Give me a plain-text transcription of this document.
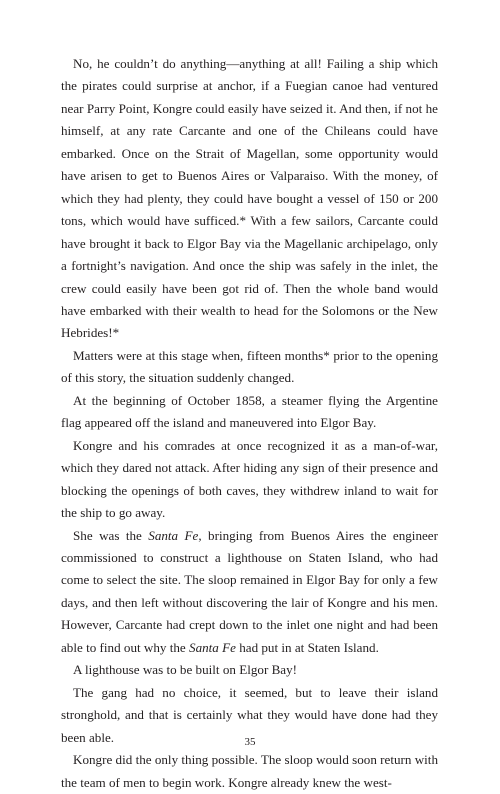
No, he couldn’t do anything—anything at all! Failing a ship which the pirates could surprise at anchor, if a Fuegian canoe had ventured near Parry Point, Kongre could easily have seized it. And then, if not he himself, at any rate Carcante and one of the Chileans could have embarked. Once on the Strait of Magellan, some opportunity would have arisen to get to Buenos Aires or Valparaiso. With the money, of which they had plenty, they could have bought a vessel of 150 or 200 tons, which would have sufficed.* With a few sailors, Carcante could have brought it back to Elgor Bay via the Magellanic archipelago, only a fortnight’s navigation. And once the ship was safely in the inlet, the crew could easily have been got rid of. Then the whole band would have embarked with their wealth to head for the Solomons or the New Hebrides!*

Matters were at this stage when, fifteen months* prior to the opening of this story, the situation suddenly changed.

At the beginning of October 1858, a steamer flying the Argentine flag appeared off the island and maneuvered into Elgor Bay.

Kongre and his comrades at once recognized it as a man-of-war, which they dared not attack. After hiding any sign of their presence and blocking the openings of both caves, they withdrew inland to wait for the ship to go away.

She was the Santa Fe, bringing from Buenos Aires the engineer commissioned to construct a lighthouse on Staten Island, who had come to select the site. The sloop remained in Elgor Bay for only a few days, and then left without discovering the lair of Kongre and his men. However, Carcante had crept down to the inlet one night and had been able to find out why the Santa Fe had put in at Staten Island.

A lighthouse was to be built on Elgor Bay!

The gang had no choice, it seemed, but to leave their island stronghold, and that is certainly what they would have done had they been able.

Kongre did the only thing possible. The sloop would soon return with the team of men to begin work. Kongre already knew the west-

35
